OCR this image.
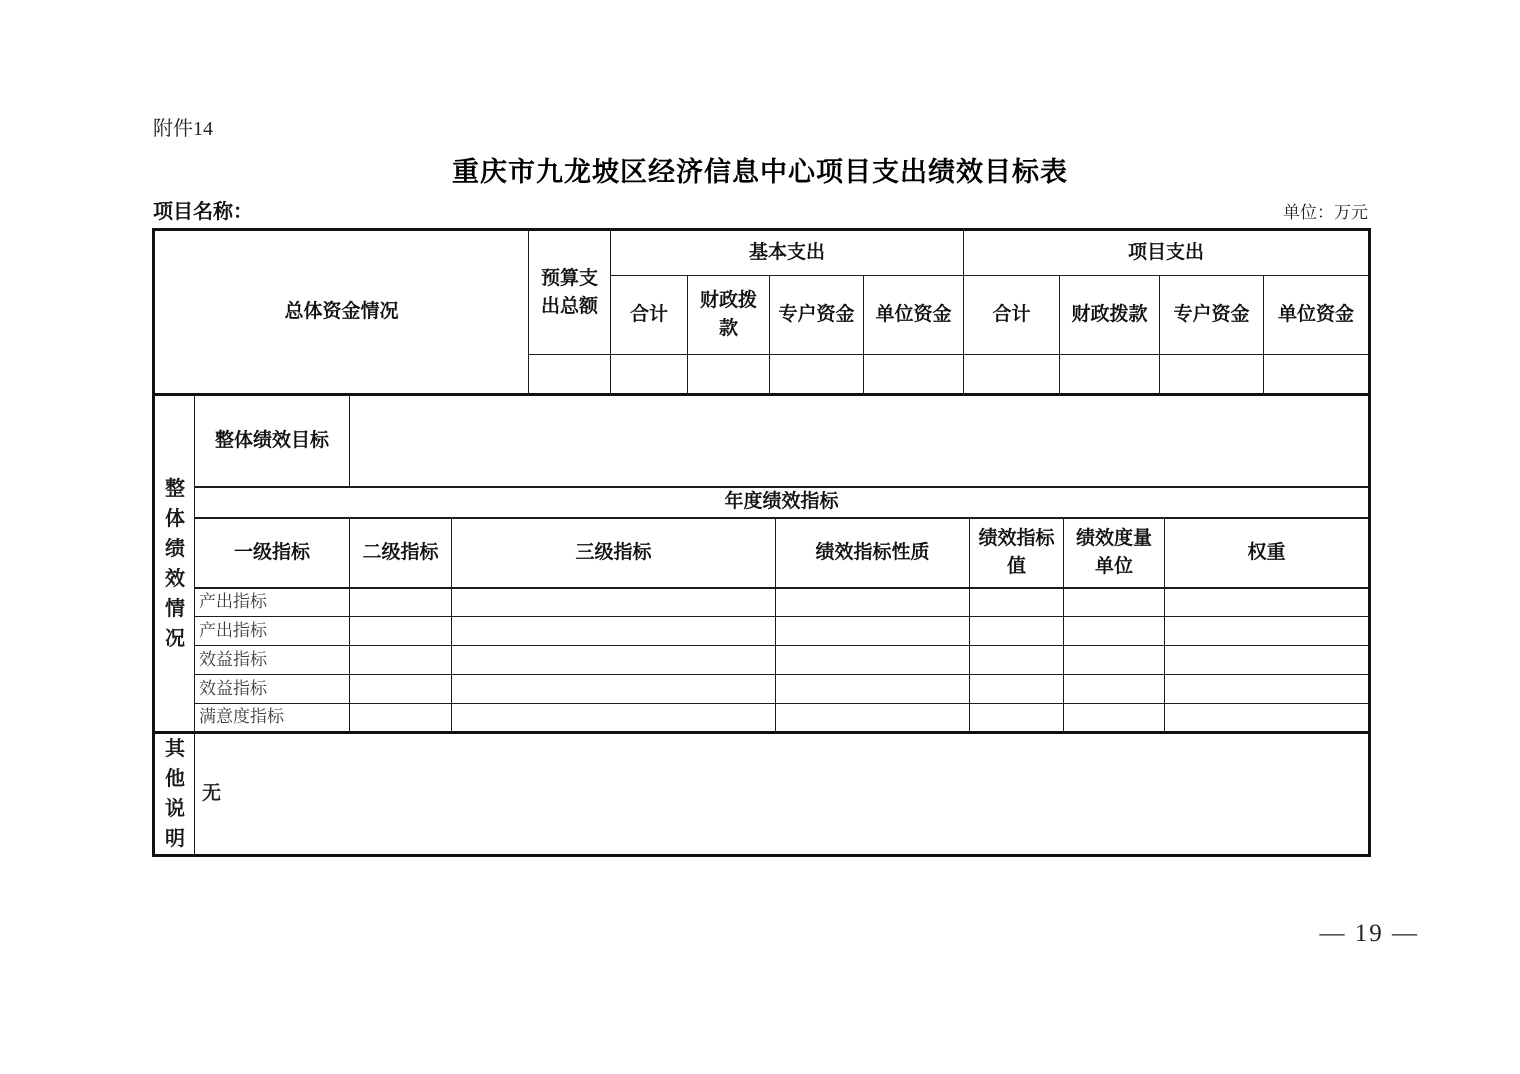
附件14
重庆市九龙坡区经济信息中心项目支出绩效目标表
项目名称：	单位：万元
总体资金情况	预算支出总额	基本支出				项目支出			
		合计	财政拨款	专户资金	单位资金	合计	财政拨款	专户资金	单位资金

整体绩效情况	整体绩效目标						
	年度绩效指标						
	一级指标	二级指标	三级指标	绩效指标性质	绩效指标值	绩效度量单位	权重
	产出指标						
	产出指标						
	效益指标						
	效益指标						
	满意度指标						
其他说明	无
— 19 —
